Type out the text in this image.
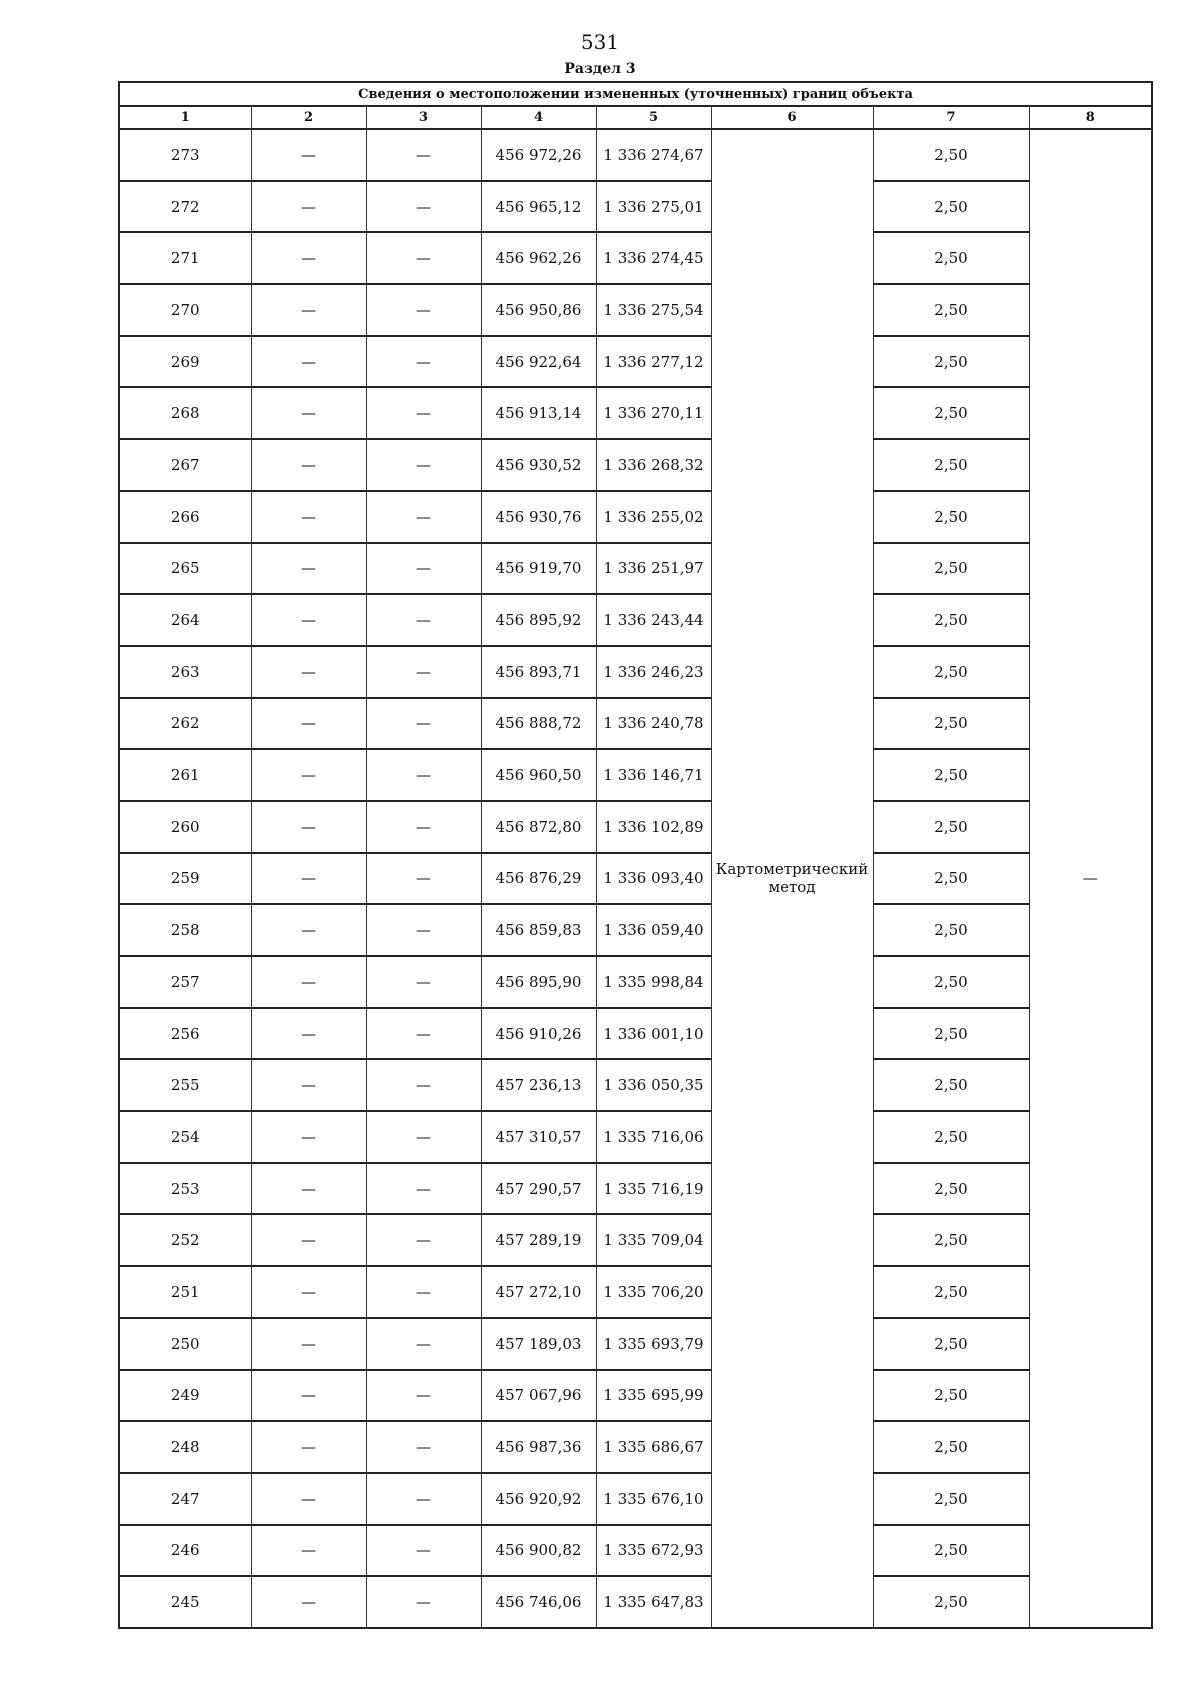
531
Раздел 3
Сведения о местоположении измененных (уточненных) границ объекта							
1	2	3	4	5	6	7	8
273	—	—	456 972,26	1 336 274,67	Картометрический метод	2,50	—
272	—	—	456 965,12	1 336 275,01		2,50	
271	—	—	456 962,26	1 336 274,45		2,50	
270	—	—	456 950,86	1 336 275,54		2,50	
269	—	—	456 922,64	1 336 277,12		2,50	
268	—	—	456 913,14	1 336 270,11		2,50	
267	—	—	456 930,52	1 336 268,32		2,50	
266	—	—	456 930,76	1 336 255,02		2,50	
265	—	—	456 919,70	1 336 251,97		2,50	
264	—	—	456 895,92	1 336 243,44		2,50	
263	—	—	456 893,71	1 336 246,23		2,50	
262	—	—	456 888,72	1 336 240,78		2,50	
261	—	—	456 960,50	1 336 146,71		2,50	
260	—	—	456 872,80	1 336 102,89		2,50	
259	—	—	456 876,29	1 336 093,40		2,50	
258	—	—	456 859,83	1 336 059,40		2,50	
257	—	—	456 895,90	1 335 998,84		2,50	
256	—	—	456 910,26	1 336 001,10		2,50	
255	—	—	457 236,13	1 336 050,35		2,50	
254	—	—	457 310,57	1 335 716,06		2,50	
253	—	—	457 290,57	1 335 716,19		2,50	
252	—	—	457 289,19	1 335 709,04		2,50	
251	—	—	457 272,10	1 335 706,20		2,50	
250	—	—	457 189,03	1 335 693,79		2,50	
249	—	—	457 067,96	1 335 695,99		2,50	
248	—	—	456 987,36	1 335 686,67		2,50	
247	—	—	456 920,92	1 335 676,10		2,50	
246	—	—	456 900,82	1 335 672,93		2,50	
245	—	—	456 746,06	1 335 647,83		2,50	
